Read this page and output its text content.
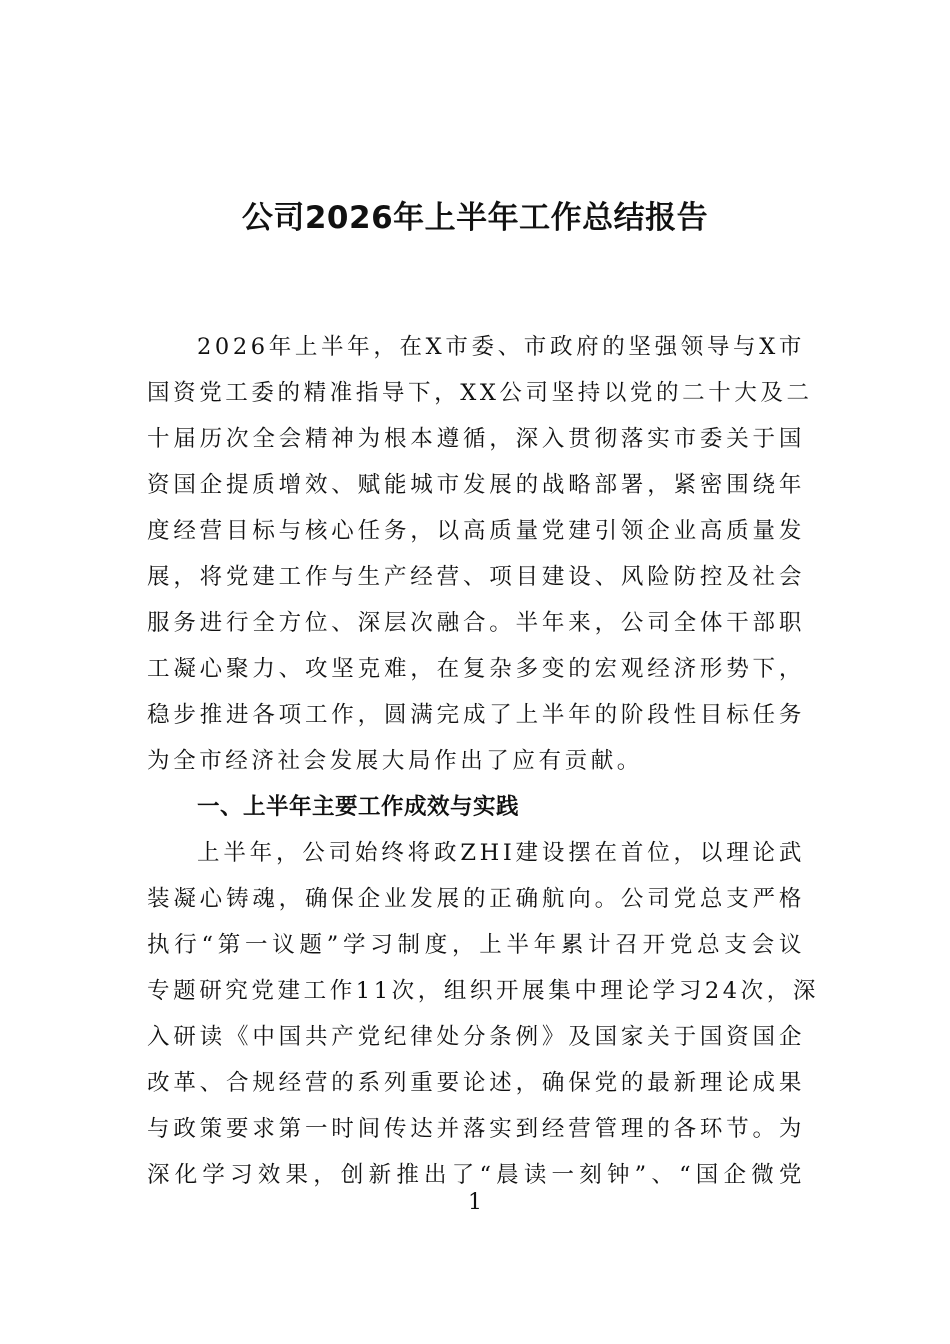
公司2026年上半年工作总结报告
2026年上半年，在X市委、市政府的坚强领导与X市
国资党工委的精准指导下，XX公司坚持以党的二十大及二
十届历次全会精神为根本遵循，深入贯彻落实市委关于国
资国企提质增效、赋能城市发展的战略部署，紧密围绕年
度经营目标与核心任务，以高质量党建引领企业高质量发
展，将党建工作与生产经营、项目建设、风险防控及社会
服务进行全方位、深层次融合。半年来，公司全体干部职
工凝心聚力、攻坚克难，在复杂多变的宏观经济形势下，
稳步推进各项工作，圆满完成了上半年的阶段性目标任务
为全市经济社会发展大局作出了应有贡献。
一、上半年主要工作成效与实践
上半年，公司始终将政ZHI建设摆在首位，以理论武
装凝心铸魂，确保企业发展的正确航向。公司党总支严格
执行“第一议题”学习制度，上半年累计召开党总支会议
专题研究党建工作11次，组织开展集中理论学习24次，深
入研读《中国共产党纪律处分条例》及国家关于国资国企
改革、合规经营的系列重要论述，确保党的最新理论成果
与政策要求第一时间传达并落实到经营管理的各环节。为
深化学习效果，创新推出了“晨读一刻钟”、“国企微党
1
